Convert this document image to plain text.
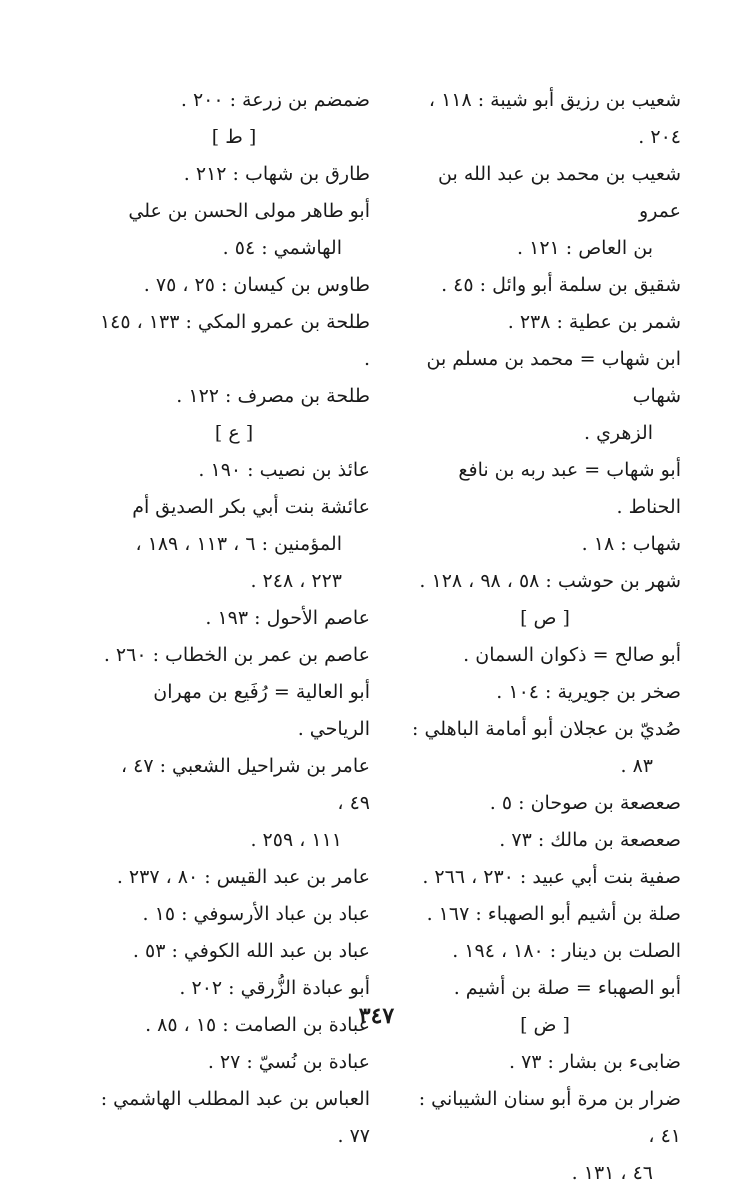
شعيب بن رزيق أبو شيبة : ١١٨ ، ٢٠٤ .
شعيب بن محمد بن عبد الله بن عمرو
بن العاص : ١٢١ .
شقيق بن سلمة أبو وائل : ٤٥ .
شمر بن عطية : ٢٣٨ .
ابن شهاب = محمد بن مسلم بن شهاب
الزهري .
أبو شهاب = عبد ربه بن نافع الحناط .
شهاب : ١٨ .
شهر بن حوشب : ٥٨ ، ٩٨ ، ١٢٨ .
[ ص ]
أبو صالح = ذكوان السمان .
صخر بن جويرية : ١٠٤ .
صُديّ بن عجلان أبو أمامة الباهلي :
٨٣ .
صعصعة بن صوحان : ٥ .
صعصعة بن مالك : ٧٣ .
صفية بنت أبي عبيد : ٢٣٠ ، ٢٦٦ .
صلة بن أشيم أبو الصهباء : ١٦٧ .
الصلت بن دينار : ١٨٠ ، ١٩٤ .
أبو الصهباء = صلة بن أشيم .
[ ض ]
ضابىء بن بشار : ٧٣ .
ضرار بن مرة أبو سنان الشيباني : ٤١ ،
٤٦ ، ١٣١ .
ضمضم بن زرعة : ٢٠٠ .
[ ط ]
طارق بن شهاب : ٢١٢ .
أبو طاهر مولى الحسن بن علي
الهاشمي : ٥٤ .
طاوس بن كيسان : ٢٥ ، ٧٥ .
طلحة بن عمرو المكي : ١٣٣ ، ١٤٥ .
طلحة بن مصرف : ١٢٢ .
[ ع ]
عائذ بن نصيب : ١٩٠ .
عائشة بنت أبي بكر الصديق أم
المؤمنين : ٦ ، ١١٣ ، ١٨٩ ،
٢٢٣ ، ٢٤٨ .
عاصم الأحول : ١٩٣ .
عاصم بن عمر بن الخطاب : ٢٦٠ .
أبو العالية = رُفَيع بن مهران الرياحي .
عامر بن شراحيل الشعبي : ٤٧ ، ٤٩ ،
١١١ ، ٢٥٩ .
عامر بن عبد القيس : ٨٠ ، ٢٣٧ .
عباد بن عباد الأرسوفي : ١٥ .
عباد بن عبد الله الكوفي : ٥٣ .
أبو عبادة الزُّرقي : ٢٠٢ .
عبادة بن الصامت : ١٥ ، ٨٥ .
عبادة بن نُسيّ : ٢٧ .
العباس بن عبد المطلب الهاشمي : ٧٧ .
٣٤٧
